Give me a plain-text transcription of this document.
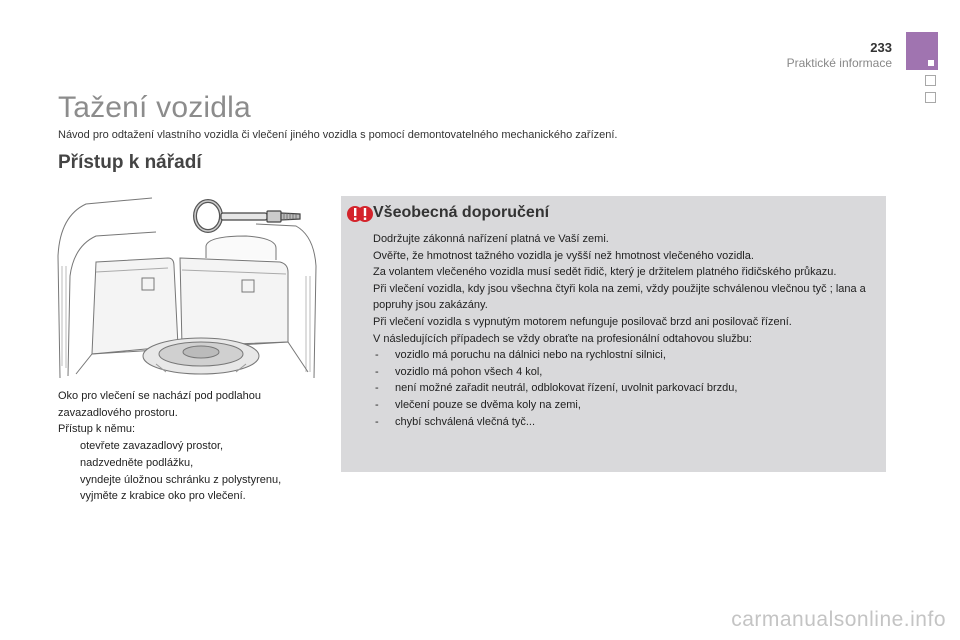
233
Praktické informace
Tažení vozidla

Návod pro odtažení vlastního vozidla či vlečení jiného vozidla s pomocí demontovatelného mechanického zařízení.

Přístup k nářadí

Oko pro vlečení se nachází pod podlahou zavazadlového prostoru.

Přístup k němu:

otevřete zavazadlový prostor,
nadzvedněte podlážku,
vyndejte úložnou schránku z polystyrenu,
vyjměte z krabice oko pro vlečení.
Všeobecná doporučení

Dodržujte zákonná nařízení platná ve Vaší zemi.

Ověřte, že hmotnost tažného vozidla je vyšší než hmotnost vlečeného vozidla.

Za volantem vlečeného vozidla musí sedět řidič, který je držitelem platného řidičského průkazu.

Při vlečení vozidla, kdy jsou všechna čtyři kola na zemi, vždy použijte schválenou vlečnou tyč ; lana a popruhy jsou zakázány.

Při vlečení vozidla s vypnutým motorem nefunguje posilovač brzd ani posilovač řízení.

V následujících případech se vždy obraťte na profesionální odtahovou službu:

- vozidlo má poruchu na dálnici nebo na rychlostní silnici,
- vozidlo má pohon všech 4 kol,
- není možné zařadit neutrál, odblokovat řízení, uvolnit parkovací brzdu,
- vlečení pouze se dvěma koly na zemi,
- chybí schválená vlečná tyč...
carmanualsonline.info
